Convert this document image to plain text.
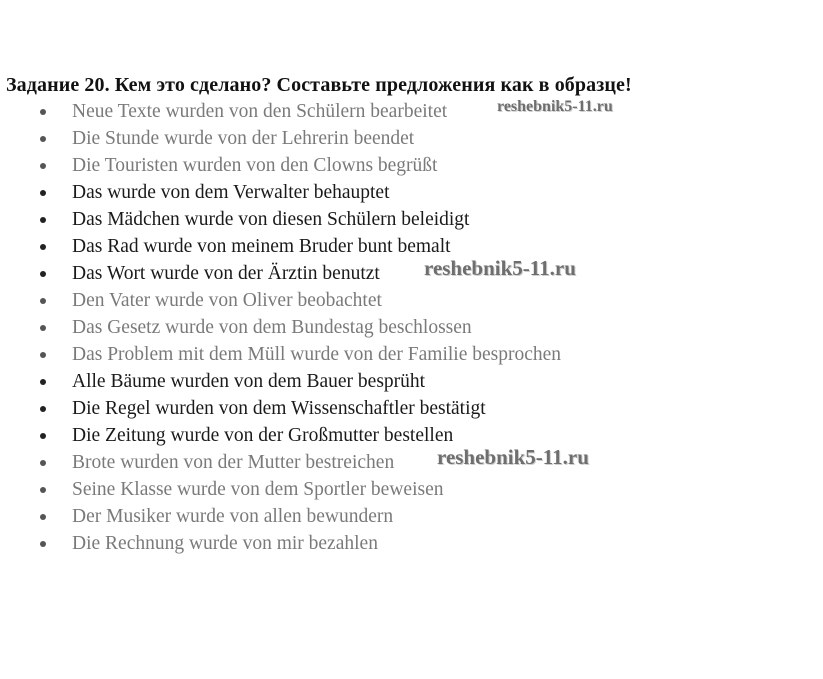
Задание 20. Кем это сделано? Составьте предложения как в образце!
Neue Texte wurden von den Schülern bearbeitet
Die Stunde wurde von der Lehrerin beendet
Die Touristen wurden von den Clowns begrüßt
Das wurde von dem Verwalter behauptet
Das Mädchen wurde von diesen Schülern beleidigt
Das Rad wurde von meinem Bruder bunt bemalt
Das Wort wurde von der Ärztin benutzt
Den Vater wurde von Oliver beobachtet
Das Gesetz wurde von dem Bundestag beschlossen
Das Problem mit dem Müll wurde von der Familie besprochen
Alle Bäume wurden von dem Bauer besprüht
Die Regel wurden von dem Wissenschaftler bestätigt
Die Zeitung wurde von der Großmutter bestellen
Brote wurden von der Mutter bestreichen
Seine Klasse wurde von dem Sportler beweisen
Der Musiker wurde von allen bewundern
Die Rechnung wurde von mir bezahlen
reshebnik5-11.ru
reshebnik5-11.ru
reshebnik5-11.ru
